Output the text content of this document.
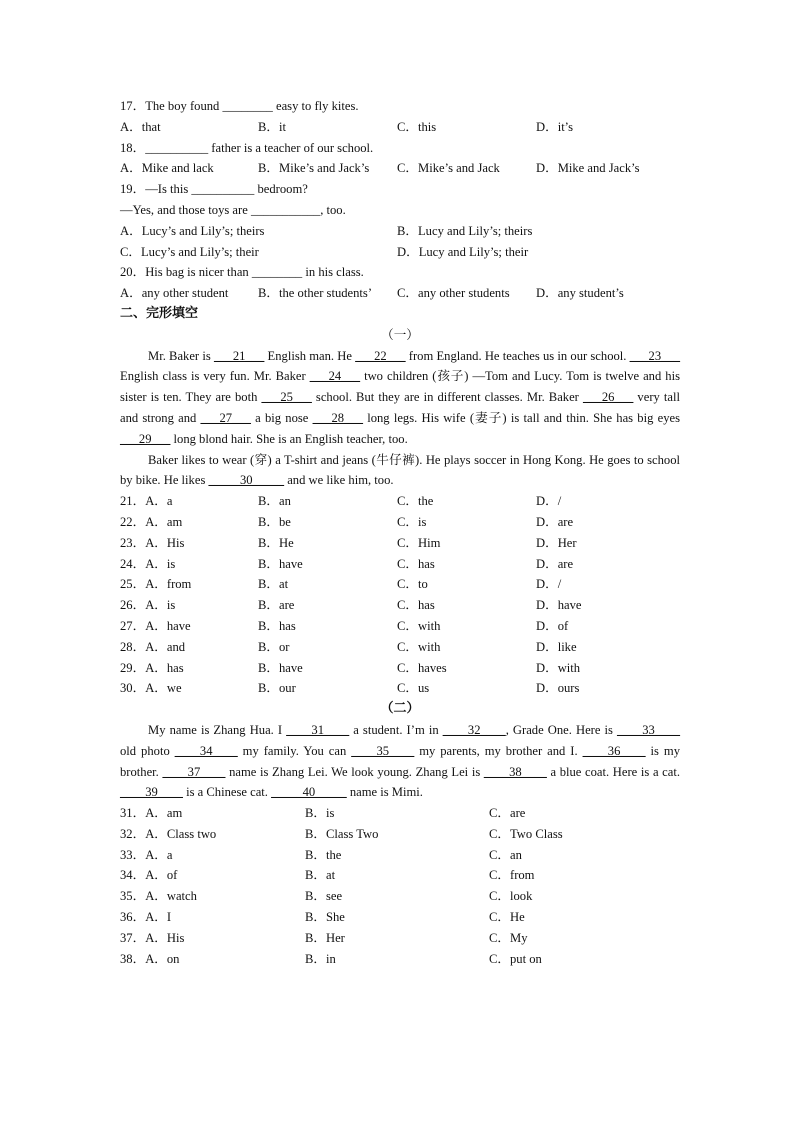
17．The boy found ________ easy to fly kites.
A．that	B．it	C．this	D．it’s
18．__________ father is a teacher of our school.
A．Mike and lack	B．Mike’s and Jack’s C．Mike’s and Jack	D．Mike and Jack’s
19．—Is this __________ bedroom?
—Yes, and those toys are ___________, too.
A．Lucy’s and Lily’s; theirs	B．Lucy and Lily’s; theirs
C．Lucy’s and Lily’s; their	D．Lucy and Lily’s; their
20．His bag is nicer than ________ in his class.
A．any other student B．the other students’ C．any other students D．any student’s
二、完形填空
（一）
Mr. Baker is ___21___ English man. He ___22___ from England. He teaches us in our school. ___23___ English class is very fun. Mr. Baker ___24___ two children (孩子) —Tom and Lucy. Tom is twelve and his sister is ten. They are both ___25___ school. But they are in different classes. Mr. Baker ___26___ very tall and strong and ___27___ a big nose ___28___ long legs. His wife (妻子) is tall and thin. She has big eyes ___29___ long blond hair. She is an English teacher, too.
Baker likes to wear (穿) a T-shirt and jeans (牛仔裤). He plays soccer in Hong Kong. He goes to school by bike. He likes _____30_____ and we like him, too.
21．A．a	B．an	C．the	D．/
22．A．am	B．be	C．is	D．are
23．A．His	B．He	C．Him	D．Her
24．A．is	B．have	C．has	D．are
25．A．from	B．at	C．to	D．/
26．A．is	B．are	C．has	D．have
27．A．have	B．has	C．with	D．of
28．A．and	B．or	C．with	D．like
29．A．has	B．have	C．haves	D．with
30．A．we	B．our	C．us	D．ours
（二）
My name is Zhang Hua. I ____31____ a student. I’m in ____32____, Grade One. Here is ____33____ old photo ____34____ my family. You can ____35____ my parents, my brother and I. ____36____ is my brother. ____37____ name is Zhang Lei. We look young. Zhang Lei is ____38____ a blue coat. Here is a cat. ____39____ is a Chinese cat. _____40_____ name is Mimi.
31．A．am	B．is	C．are
32．A．Class two	B．Class Two	C．Two Class
33．A．a	B．the	C．an
34．A．of	B．at	C．from
35．A．watch	B．see	C．look
36．A．I	B．She	C．He
37．A．His	B．Her	C．My
38．A．on	B．in	C．put on
